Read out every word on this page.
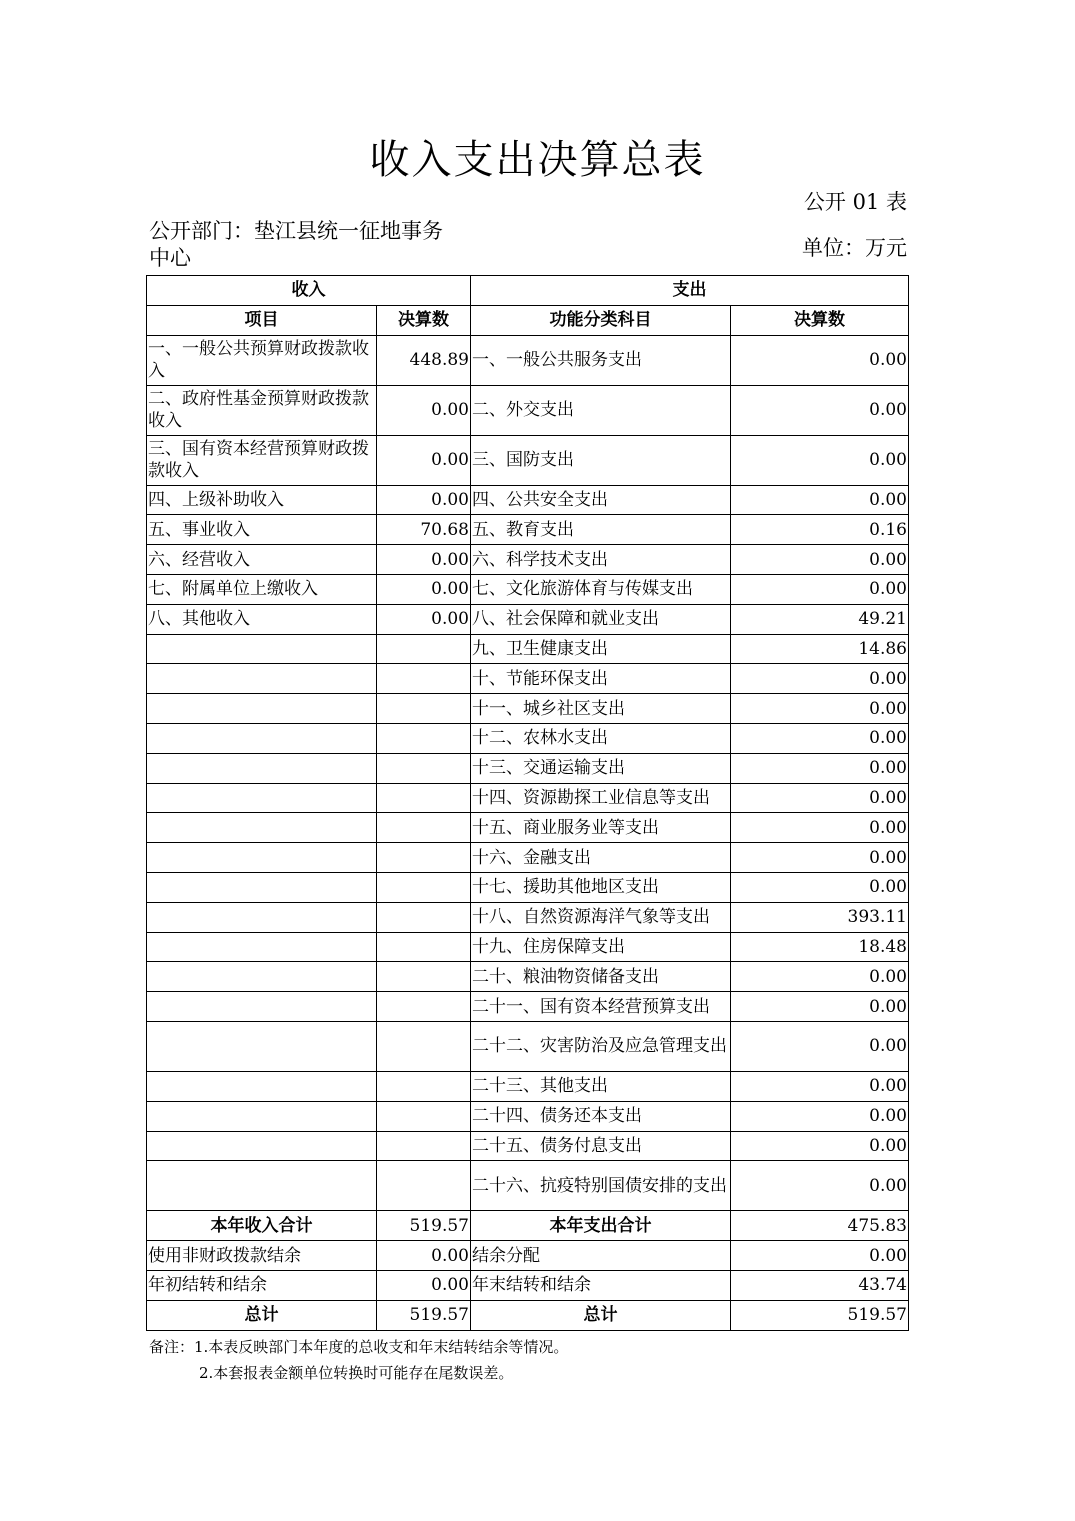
收入支出决算总表
公开 01 表
公开部门：垫江县统一征地事务中心	单位：万元
收入		支出	
项目	决算数	功能分类科目	决算数
一、一般公共预算财政拨款收入	448.89	一、一般公共服务支出	0.00
二、政府性基金预算财政拨款收入	0.00	二、外交支出	0.00
三、国有资本经营预算财政拨款收入	0.00	三、国防支出	0.00
四、上级补助收入	0.00	四、公共安全支出	0.00
五、事业收入	70.68	五、教育支出	0.16
六、经营收入	0.00	六、科学技术支出	0.00
七、附属单位上缴收入	0.00	七、文化旅游体育与传媒支出	0.00
八、其他收入	0.00	八、社会保障和就业支出	49.21
		九、卫生健康支出	14.86
		十、节能环保支出	0.00
		十一、城乡社区支出	0.00
		十二、农林水支出	0.00
		十三、交通运输支出	0.00
		十四、资源勘探工业信息等支出	0.00
		十五、商业服务业等支出	0.00
		十六、金融支出	0.00
		十七、援助其他地区支出	0.00
		十八、自然资源海洋气象等支出	393.11
		十九、住房保障支出	18.48
		二十、粮油物资储备支出	0.00
		二十一、国有资本经营预算支出	0.00
		二十二、灾害防治及应急管理支出	0.00
		二十三、其他支出	0.00
		二十四、债务还本支出	0.00
		二十五、债务付息支出	0.00
		二十六、抗疫特别国债安排的支出	0.00
本年收入合计	519.57	本年支出合计	475.83
使用非财政拨款结余	0.00	结余分配	0.00
年初结转和结余	0.00	年末结转和结余	43.74
总计	519.57	总计	519.57
备注：1.本表反映部门本年度的总收支和年末结转结余等情况。
2.本套报表金额单位转换时可能存在尾数误差。
